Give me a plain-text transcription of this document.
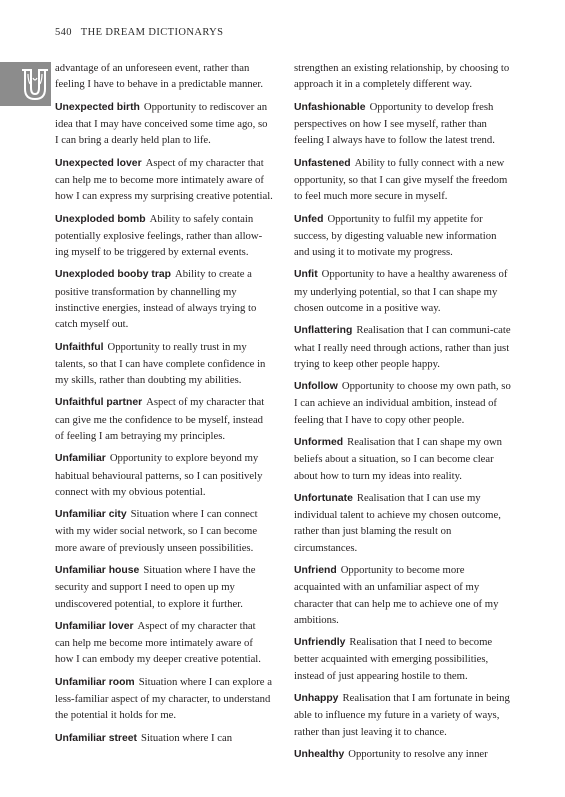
540 THE DREAM DICTIONARYS

advantage of an unforeseen event, rather than feeling I have to behave in a predictable manner.

Unexpected birth Opportunity to rediscover an idea that I may have conceived some time ago, so I can bring a dearly held plan to life.

Unexpected lover Aspect of my character that can help me to become more intimately aware of how I can express my surprising creative potential.

Unexploded bomb Ability to safely contain potentially explosive feelings, rather than allow-ing myself to be triggered by external events.

Unexploded booby trap Ability to create a positive transformation by channelling my instinctive energies, instead of always trying to catch myself out.

Unfaithful Opportunity to really trust in my talents, so that I can have complete confidence in my skills, rather than doubting my abilities.

Unfaithful partner Aspect of my character that can give me the confidence to be myself, instead of feeling I am betraying my principles.

Unfamiliar Opportunity to explore beyond my habitual behavioural patterns, so I can positively connect with my obvious potential.

Unfamiliar city Situation where I can connect with my wider social network, so I can become more aware of previously unseen possibilities.

Unfamiliar house Situation where I have the security and support I need to open up my undiscovered potential, to explore it further.

Unfamiliar lover Aspect of my character that can help me become more intimately aware of how I can embody my deeper creative potential.

Unfamiliar room Situation where I can explore a less-familiar aspect of my character, to understand the potential it holds for me.

Unfamiliar street Situation where I can

strengthen an existing relationship, by choosing to approach it in a completely different way.

Unfashionable Opportunity to develop fresh perspectives on how I see myself, rather than feeling I always have to follow the latest trend.

Unfastened Ability to fully connect with a new opportunity, so that I can give myself the freedom to feel much more secure in myself.

Unfed Opportunity to fulfil my appetite for success, by digesting valuable new information and using it to motivate my progress.

Unfit Opportunity to have a healthy awareness of my underlying potential, so that I can shape my chosen outcome in a positive way.

Unflattering Realisation that I can communi-cate what I really need through actions, rather than just trying to keep other people happy.

Unfollow Opportunity to choose my own path, so I can achieve an individual ambition, instead of feeling that I have to copy other people.

Unformed Realisation that I can shape my own beliefs about a situation, so I can become clear about how to turn my ideas into reality.

Unfortunate Realisation that I can use my individual talent to achieve my chosen outcome, rather than just blaming the result on circumstances.

Unfriend Opportunity to become more acquainted with an unfamiliar aspect of my character that can help me to achieve one of my ambitions.

Unfriendly Realisation that I need to become better acquainted with emerging possibilities, instead of just appearing hostile to them.

Unhappy Realisation that I am fortunate in being able to influence my future in a variety of ways, rather than just leaving it to chance.

Unhealthy Opportunity to resolve any inner
